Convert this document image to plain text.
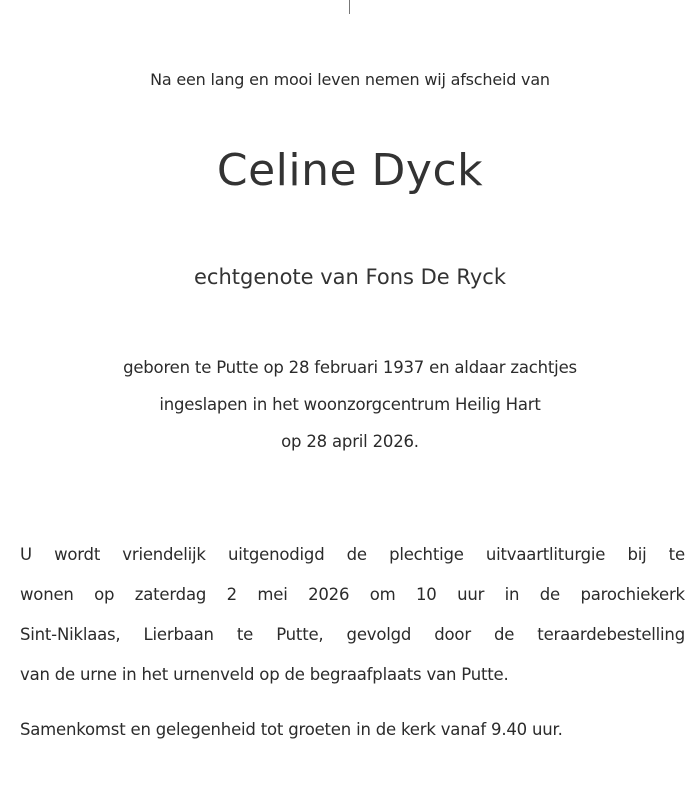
Na een lang en mooi leven nemen wij afscheid van
Celine Dyck
echtgenote van Fons De Ryck
geboren te Putte op 28 februari 1937 en aldaar zachtjes
ingeslapen in het woonzorgcentrum Heilig Hart
op 28 april 2026.
U wordt vriendelijk uitgenodigd de plechtige uitvaartliturgie bij te
wonen op zaterdag 2 mei 2026 om 10 uur in de parochiekerk
Sint-Niklaas, Lierbaan te Putte, gevolgd door de teraardebestelling
van de urne in het urnenveld op de begraafplaats van Putte.
Samenkomst en gelegenheid tot groeten in de kerk vanaf 9.40 uur.
